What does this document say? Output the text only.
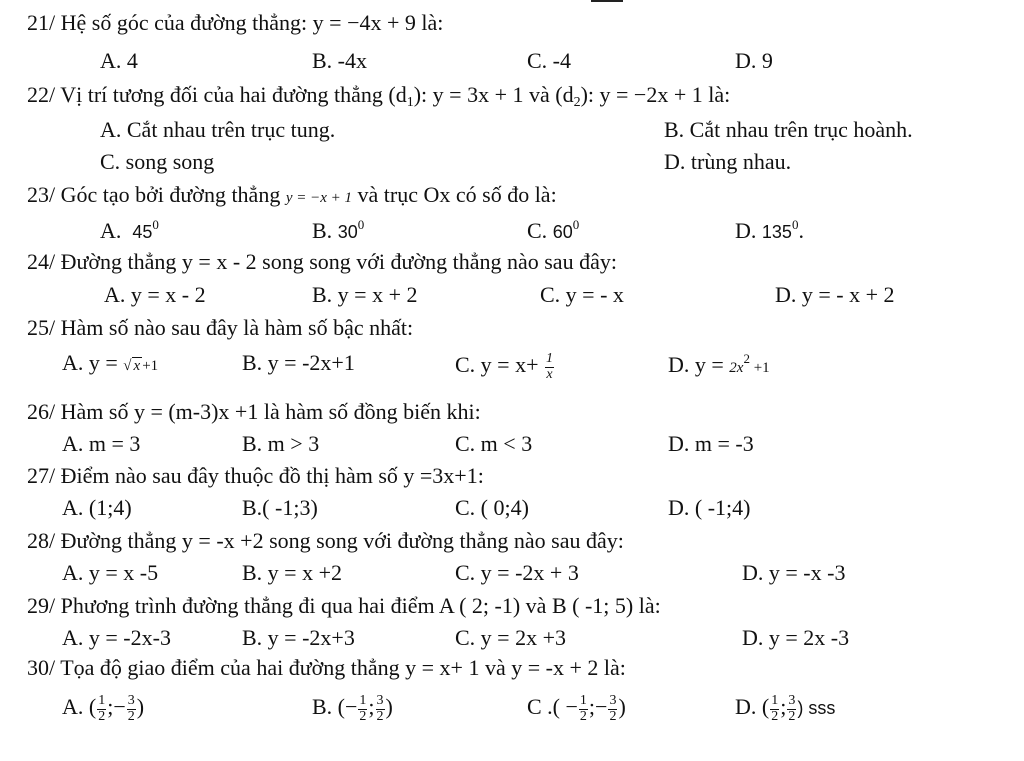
21/ Hệ số góc của đường thẳng: y = −4x + 9 là:
A. 4	B. -4x	C. -4	D. 9
22/ Vị trí tương đối của hai đường thẳng $(d_1)$: y = 3x + 1 và $(d_2)$: y = −2x + 1 là:
A. Cắt nhau trên trục tung.	B. Cắt nhau trên trục hoành.
C. song song	D. trùng nhau.
23/ Góc tạo bởi đường thẳng y = −x + 1 và trục Ox có số đo là:
A. $45^0$	B. $30^0$	C. $60^0$	D. $135^0$.
24/ Đường thẳng y = x - 2 song song với đường thẳng nào sau đây:
A. y = x - 2	B. y = x + 2	C. y = - x	D. y = - x + 2
25/ Hàm số nào sau đây là hàm số bậc nhất:
A. y = √ x +1	B. y = -2x+1	C. $y = x+ \frac{1}{x}$	D. $y = 2x^2 +1$
26/ Hàm số y = (m-3)x +1 là hàm số đồng biến khi:
A. m = 3	B. m > 3	C. m < 3	D. m = -3
27/ Điểm nào sau đây thuộc đồ thị hàm số y =3x+1:
A. (1;4)	B.( -1;3)	C. ( 0;4)	D. ( -1;4)
28/ Đường thẳng y = -x +2 song song với đường thẳng nào sau đây:
A. y = x -5	B. y = x +2	C. y = -2x + 3	D. y = -x -3
29/ Phương trình đường thẳng đi qua hai điểm A ( 2; -1) và B ( -1; 5) là:
A. y = -2x-3	B. y = -2x+3	C. y = 2x +3	D. y = 2x -3
30/ Tọa độ giao điểm của hai đường thẳng y = x+ 1 và y = -x + 2 là:
A. ( $\frac{1}{2}$ ;− $\frac{3}{2}$ )	B. (− $\frac{1}{2}$ ; $\frac{3}{2}$ )	C .( − $\frac{1}{2}$ ;− $\frac{3}{2}$ )	D. ( $\frac{1}{2}$ ; $\frac{3}{2}$ ) sss
